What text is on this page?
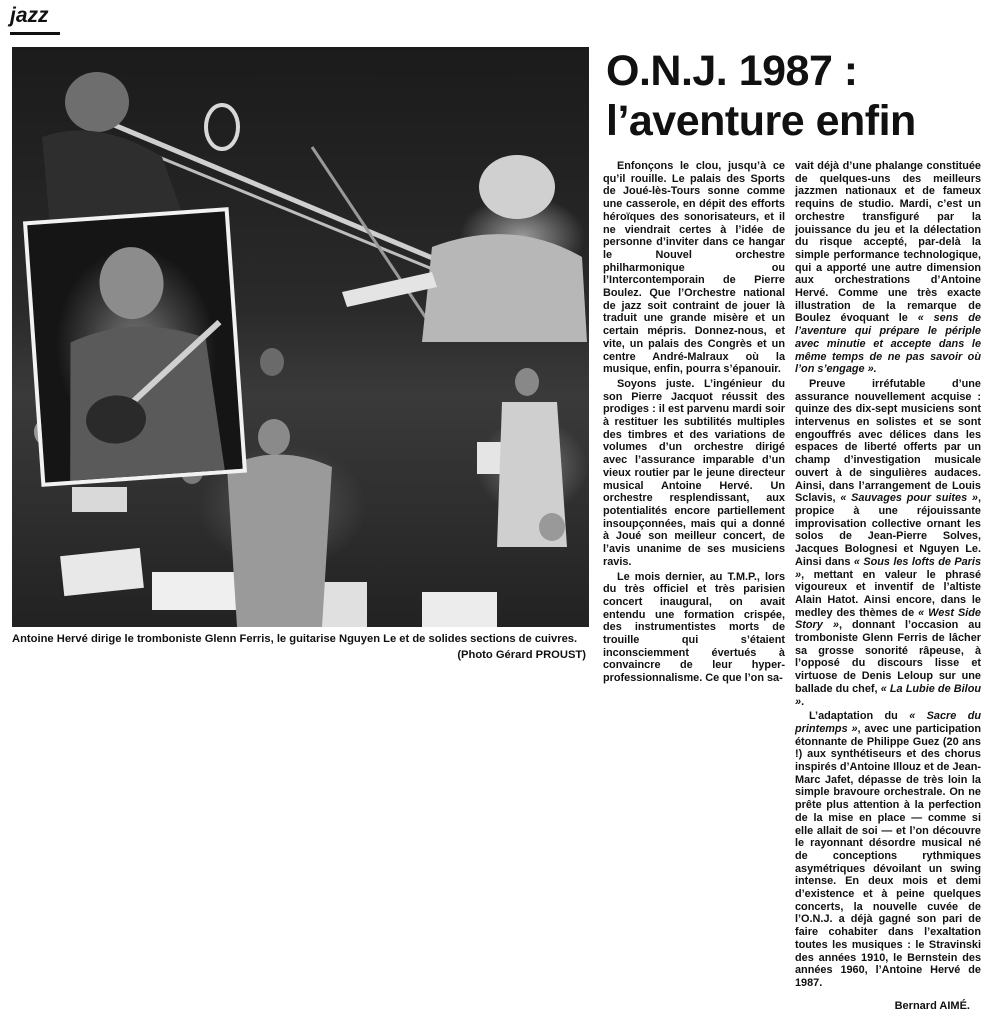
jazz
Antoine Hervé dirige le tromboniste Glenn Ferris, le guitarise Nguyen Le et de solides sections de cuivres.
(Photo Gérard PROUST)
O.N.J. 1987 :
l’aventure enfin

Enfonçons le clou, jusqu’à ce qu’il rouille. Le palais des Sports de Joué-lès-Tours sonne comme une casserole, en dépit des efforts héroïques des sonorisateurs, et il ne viendrait certes à l’idée de personne d’inviter dans ce hangar le Nouvel orchestre philharmonique ou l’Intercontemporain de Pierre Boulez. Que l’Orchestre national de jazz soit contraint de jouer là traduit une grande misère et un certain mépris. Donnez-nous, et vite, un palais des Congrès et un centre André-Malraux où la musique, enfin, pourra s’épanouir.

Soyons juste. L’ingénieur du son Pierre Jacquot réussit des prodiges : il est parvenu mardi soir à restituer les subtilités multiples des timbres et des variations de volumes d’un orchestre dirigé avec l’assurance imparable d’un vieux routier par le jeune directeur musical Antoine Hervé. Un orchestre resplendissant, aux potentialités encore partiellement insoupçonnées, mais qui a donné à Joué son meilleur concert, de l’avis unanime de ses musiciens ravis.

Le mois dernier, au T.M.P., lors du très officiel et très parisien concert inaugural, on avait entendu une formation crispée, des instrumentistes morts de trouille qui s’étaient inconsciemment évertués à convaincre de leur hyper-professionnalisme. Ce que l’on sa-

vait déjà d’une phalange constituée de quelques-uns des meilleurs jazzmen nationaux et de fameux requins de studio. Mardi, c’est un orchestre transfiguré par la jouissance du jeu et la délectation du risque accepté, par-delà la simple performance technologique, qui a apporté une autre dimension aux orchestrations d’Antoine Hervé. Comme une très exacte illustration de la remarque de Boulez évoquant le « sens de l’aventure qui prépare le périple avec minutie et accepte dans le même temps de ne pas savoir où l’on s’engage ».

Preuve irréfutable d’une assurance nouvellement acquise : quinze des dix-sept musiciens sont intervenus en solistes et se sont engouffrés avec délices dans les espaces de liberté offerts par un champ d’investigation musicale ouvert à de singulières audaces. Ainsi, dans l’arrangement de Louis Sclavis, « Sauvages pour suites », propice à une réjouissante improvisation collective ornant les solos de Jean-Pierre Solves, Jacques Bolognesi et Nguyen Le. Ainsi dans « Sous les lofts de Paris », mettant en valeur le phrasé vigoureux et inventif de l’altiste Alain Hatot. Ainsi encore, dans le medley des thèmes de « West Side Story », donnant l’occasion au tromboniste Glenn Ferris de lâcher sa grosse sonorité râpeuse, à l’opposé du discours lisse et virtuose de Denis Leloup sur une ballade du chef, « La Lubie de Bilou ».

L’adaptation du « Sacre du printemps », avec une participation étonnante de Philippe Guez (20 ans !) aux synthétiseurs et des chorus inspirés d’Antoine Illouz et de Jean-Marc Jafet, dépasse de très loin la simple bravoure orchestrale. On ne prête plus attention à la perfection de la mise en place — comme si elle allait de soi — et l’on découvre le rayonnant désordre musical né de conceptions rythmiques asymétriques dévoilant un swing intense. En deux mois et demi d’existence et à peine quelques concerts, la nouvelle cuvée de l’O.N.J. a déjà gagné son pari de faire cohabiter dans l’exaltation toutes les musiques : le Stravinski des années 1910, le Bernstein des années 1960, l’Antoine Hervé de 1987.

Bernard AIMÉ.
